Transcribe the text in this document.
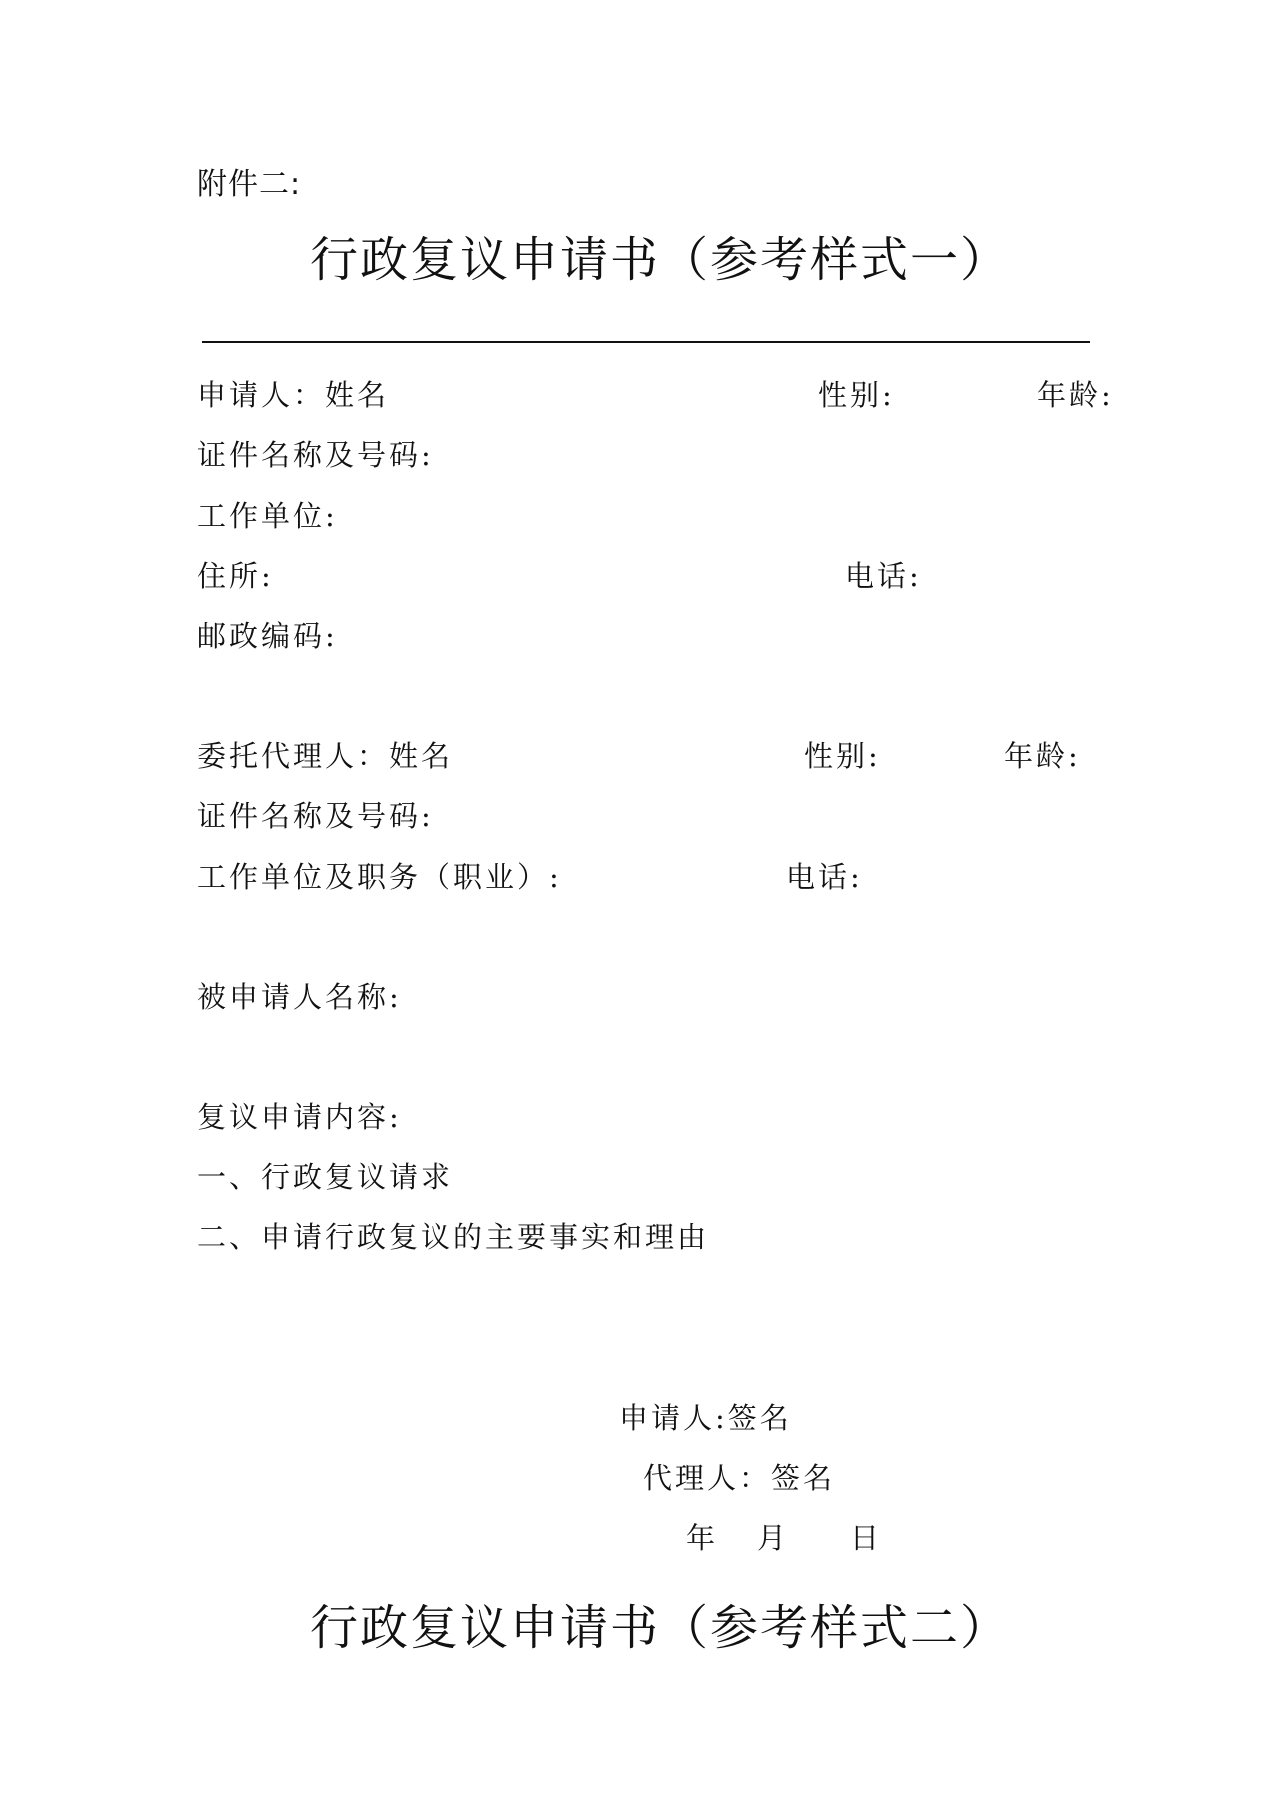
附件二:
行政复议申请书（参考样式一）
申请人：姓名	性别:	年龄:
证件名称及号码:
工作单位:
住所:	电话:
邮政编码:
委托代理人：姓名	性别:	年龄:
证件名称及号码:
工作单位及职务（职业）:	电话:
被申请人名称:
复议申请内容:
一、行政复议请求
二、申请行政复议的主要事实和理由
申请人:签名
代理人：签名
年 月 日
行政复议申请书（参考样式二）
